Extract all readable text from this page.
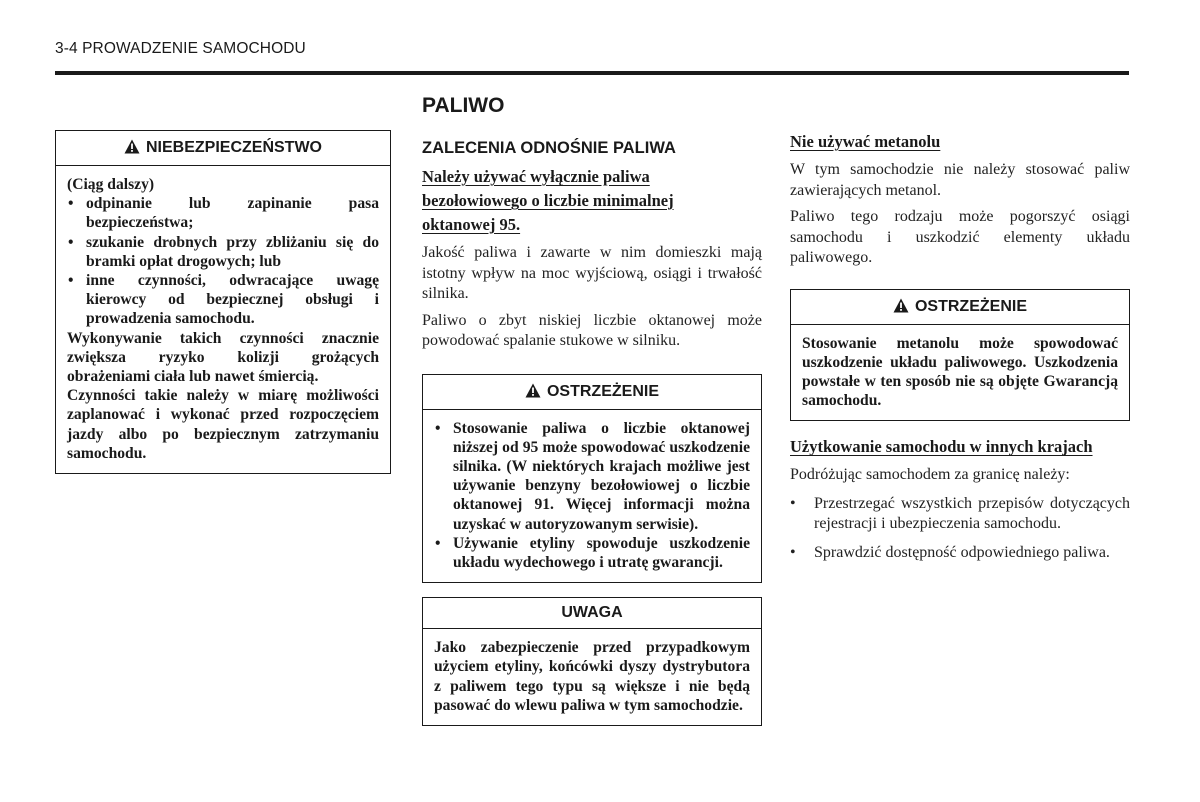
3-4 PROWADZENIE SAMOCHODU
NIEBEZPIECZEŃSTWO

(Ciąg dalszy)

• odpinanie lub zapinanie pasa bezpieczeństwa;
• szukanie drobnych przy zbliżaniu się do bramki opłat drogowych; lub
• inne czynności, odwracające uwagę kierowcy od bezpiecznej obsługi i prowadzenia samochodu.

Wykonywanie takich czynności znacznie zwiększa ryzyko kolizji grożących obrażeniami ciała lub nawet śmiercią.

Czynności takie należy w miarę możliwości zaplanować i wykonać przed rozpoczęciem jazdy albo po bezpiecznym zatrzymaniu samochodu.

PALIWO
ZALECENIA ODNOŚNIE PALIWA
Należy używać wyłącznie paliwa bezołowiowego o liczbie minimalnej oktanowej 95.

Jakość paliwa i zawarte w nim domieszki mają istotny wpływ na moc wyjściową, osiągi i trwałość silnika.

Paliwo o zbyt niskiej liczbie oktanowej może powodować spalanie stukowe w silniku.

OSTRZEŻENIE
• Stosowanie paliwa o liczbie oktanowej niższej od 95 może spowodować uszkodzenie silnika. (W niektórych krajach możliwe jest używanie benzyny bezołowiowej o liczbie oktanowej 91. Więcej informacji można uzyskać w autoryzowanym serwisie).
• Używanie etyliny spowoduje uszkodzenie układu wydechowego i utratę gwarancji.
UWAGA

Jako zabezpieczenie przed przypadkowym użyciem etyliny, końcówki dyszy dystrybutora z paliwem tego typu są większe i nie będą pasować do wlewu paliwa w tym samochodzie.

Nie używać metanolu

W tym samochodzie nie należy stosować paliw zawierających metanol.

Paliwo tego rodzaju może pogorszyć osiągi samochodu i uszkodzić elementy układu paliwowego.

OSTRZEŻENIE

Stosowanie metanolu może spowodować uszkodzenie układu paliwowego. Uszkodzenia powstałe w ten sposób nie są objęte Gwarancją samochodu.

Użytkowanie samochodu w innych krajach

Podróżując samochodem za granicę należy:

• Przestrzegać wszystkich przepisów dotyczących rejestracji i ubezpieczenia samochodu.
• Sprawdzić dostępność odpowiedniego paliwa.
